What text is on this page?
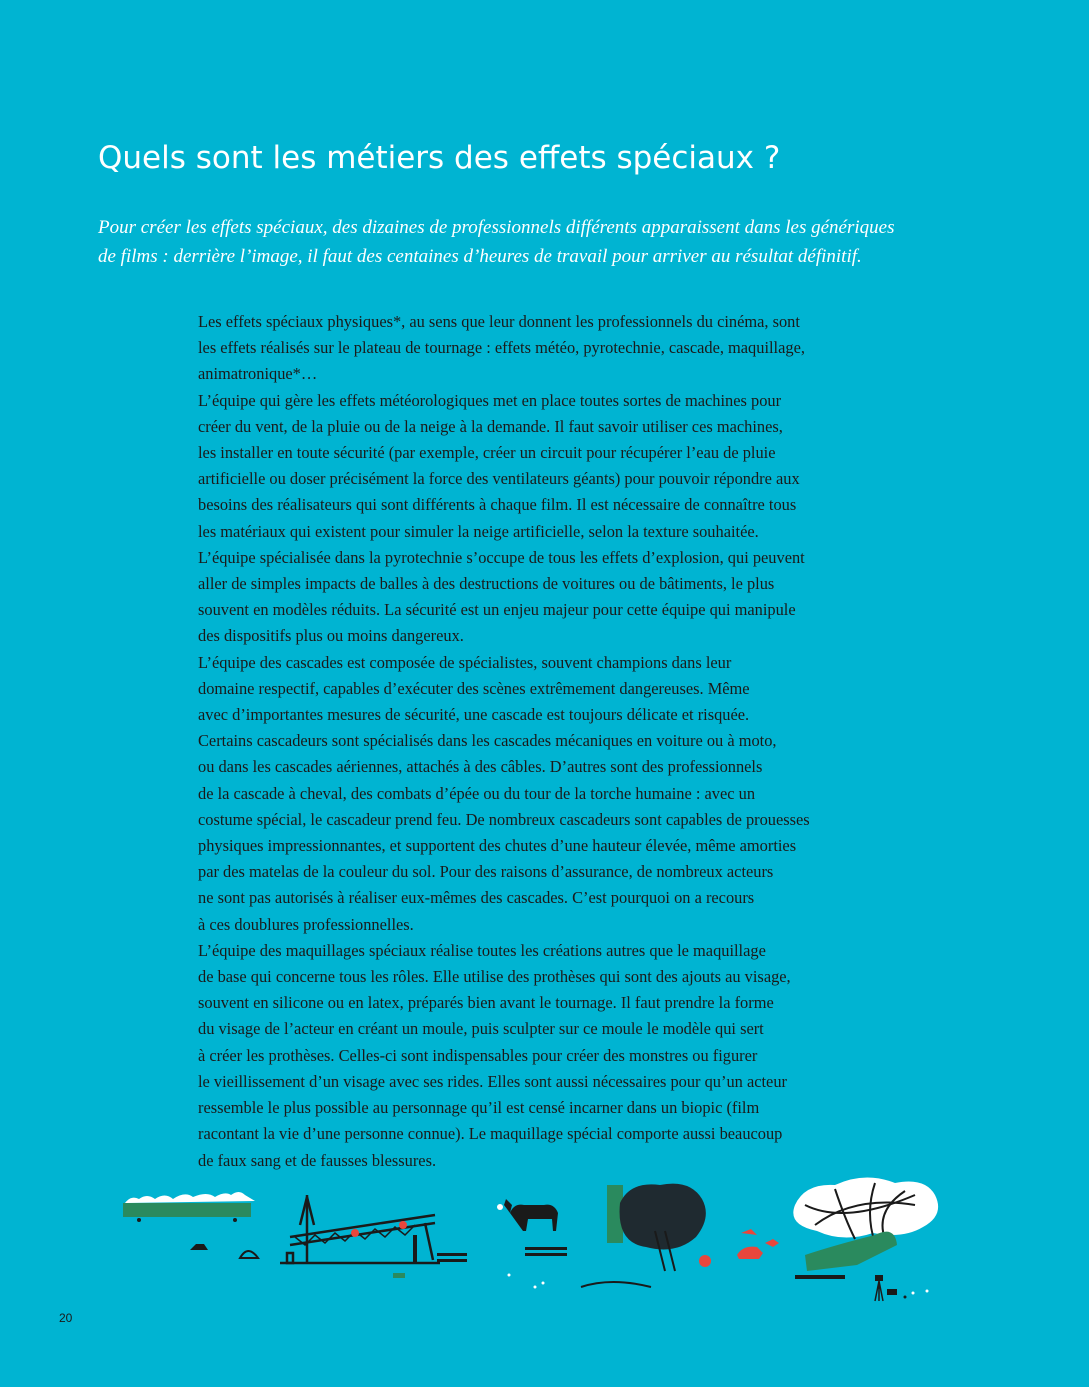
Quels sont les métiers des effets spéciaux ?

Pour créer les effets spéciaux, des dizaines de professionnels différents apparaissent dans les génériques
de films : derrière l’image, il faut des centaines d’heures de travail pour arriver au résultat définitif.

Les effets spéciaux physiques*, au sens que leur donnent les professionnels du cinéma, sont
les effets réalisés sur le plateau de tournage : effets météo, pyrotechnie, cascade, maquillage,
animatronique*…
L’équipe qui gère les effets météorologiques met en place toutes sortes de machines pour
créer du vent, de la pluie ou de la neige à la demande. Il faut savoir utiliser ces machines,
les installer en toute sécurité (par exemple, créer un circuit pour récupérer l’eau de pluie
artificielle ou doser précisément la force des ventilateurs géants) pour pouvoir répondre aux
besoins des réalisateurs qui sont différents à chaque film. Il est nécessaire de connaître tous
les matériaux qui existent pour simuler la neige artificielle, selon la texture souhaitée.
L’équipe spécialisée dans la pyrotechnie s’occupe de tous les effets d’explosion, qui peuvent
aller de simples impacts de balles à des destructions de voitures ou de bâtiments, le plus
souvent en modèles réduits. La sécurité est un enjeu majeur pour cette équipe qui manipule
des dispositifs plus ou moins dangereux.
L’équipe des cascades est composée de spécialistes, souvent champions dans leur
domaine respectif, capables d’exécuter des scènes extrêmement dangereuses. Même
avec d’importantes mesures de sécurité, une cascade est toujours délicate et risquée.
Certains cascadeurs sont spécialisés dans les cascades mécaniques en voiture ou à moto,
ou dans les cascades aériennes, attachés à des câbles. D’autres sont des professionnels
de la cascade à cheval, des combats d’épée ou du tour de la torche humaine : avec un
costume spécial, le cascadeur prend feu. De nombreux cascadeurs sont capables de prouesses
physiques impressionnantes, et supportent des chutes d’une hauteur élevée, même amorties
par des matelas de la couleur du sol. Pour des raisons d’assurance, de nombreux acteurs
ne sont pas autorisés à réaliser eux-mêmes des cascades. C’est pourquoi on a recours
à ces doublures professionnelles.
L’équipe des maquillages spéciaux réalise toutes les créations autres que le maquillage
de base qui concerne tous les rôles. Elle utilise des prothèses qui sont des ajouts au visage,
souvent en silicone ou en latex, préparés bien avant le tournage. Il faut prendre la forme
du visage de l’acteur en créant un moule, puis sculpter sur ce moule le modèle qui sert
à créer les prothèses. Celles-ci sont indispensables pour créer des monstres ou figurer
le vieillissement d’un visage avec ses rides. Elles sont aussi nécessaires pour qu’un acteur
ressemble le plus possible au personnage qu’il est censé incarner dans un biopic (film
racontant la vie d’une personne connue). Le maquillage spécial comporte aussi beaucoup
de faux sang et de fausses blessures.
20
